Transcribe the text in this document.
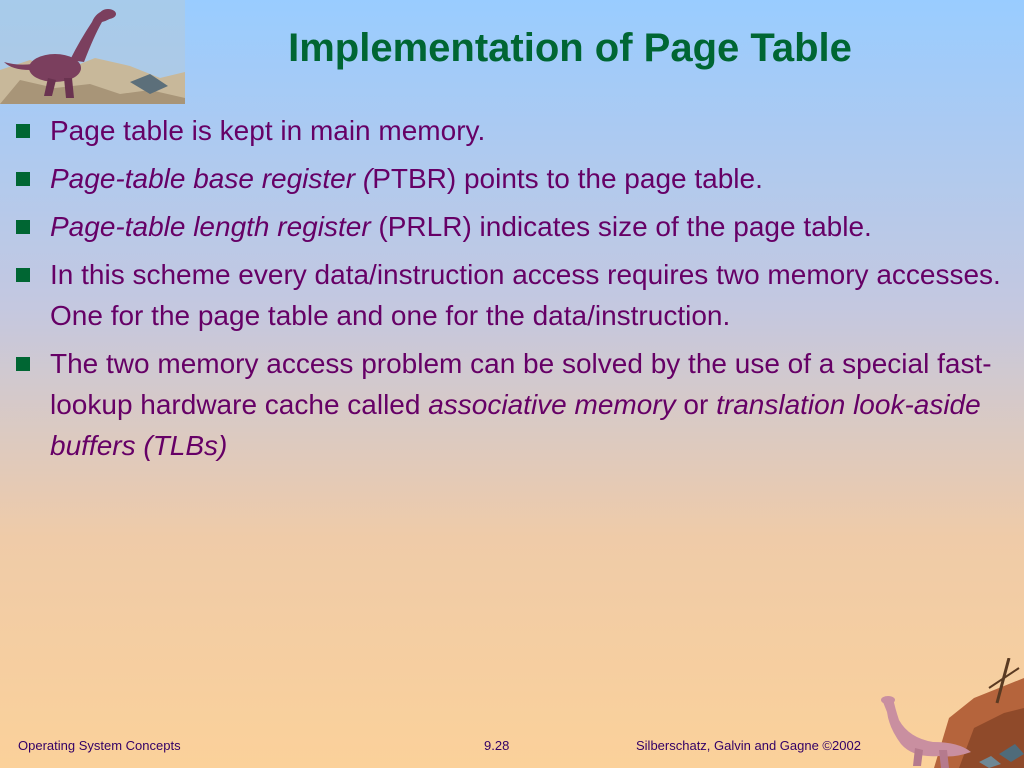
Implementation of Page Table
Page table is kept in main memory.
Page-table base register (PTBR) points to the page table.
Page-table length register (PRLR) indicates size of the page table.
In this scheme every data/instruction access requires two memory accesses. One for the page table and one for the data/instruction.
The two memory access problem can be solved by the use of a special fast-lookup hardware cache called associative memory or translation look-aside buffers (TLBs)
Operating System Concepts	9.28	Silberschatz, Galvin and Gagne ©2002
